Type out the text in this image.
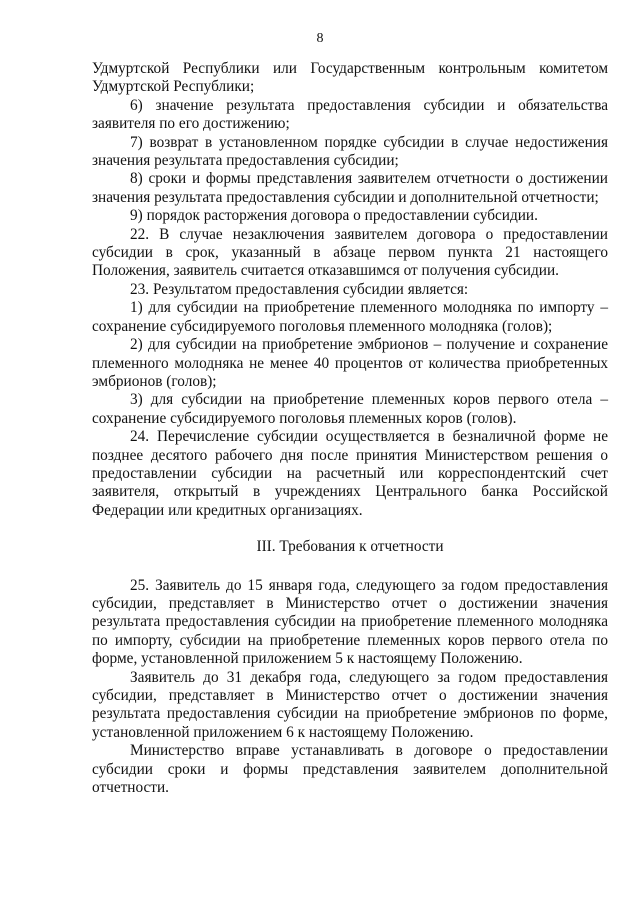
8
Удмуртской Республики или Государственным контрольным комитетом Удмуртской Республики;
6) значение результата предоставления субсидии и обязательства заявителя по его достижению;
7) возврат в установленном порядке субсидии в случае недостижения значения результата предоставления субсидии;
8) сроки и формы представления заявителем отчетности о достижении значения результата предоставления субсидии и дополнительной отчетности;
9) порядок расторжения договора о предоставлении субсидии.
22. В случае незаключения заявителем договора о предоставлении субсидии в срок, указанный в абзаце первом пункта 21 настоящего Положения, заявитель считается отказавшимся от получения субсидии.
23. Результатом предоставления субсидии является:
1) для субсидии на приобретение племенного молодняка по импорту – сохранение субсидируемого поголовья племенного молодняка (голов);
2) для субсидии на приобретение эмбрионов – получение и сохранение племенного молодняка не менее 40 процентов от количества приобретенных эмбрионов (голов);
3) для субсидии на приобретение племенных коров первого отела – сохранение субсидируемого поголовья племенных коров (голов).
24. Перечисление субсидии осуществляется в безналичной форме не позднее десятого рабочего дня после принятия Министерством решения о предоставлении субсидии на расчетный или корреспондентский счет заявителя, открытый в учреждениях Центрального банка Российской Федерации или кредитных организациях.
III. Требования к отчетности
25. Заявитель до 15 января года, следующего за годом предоставления субсидии, представляет в Министерство отчет о достижении значения результата предоставления субсидии на приобретение племенного молодняка по импорту, субсидии на приобретение племенных коров первого отела по форме, установленной приложением 5 к настоящему Положению.
Заявитель до 31 декабря года, следующего за годом предоставления субсидии, представляет в Министерство отчет о достижении значения результата предоставления субсидии на приобретение эмбрионов по форме, установленной приложением 6 к настоящему Положению.
Министерство вправе устанавливать в договоре о предоставлении субсидии сроки и формы представления заявителем дополнительной отчетности.
